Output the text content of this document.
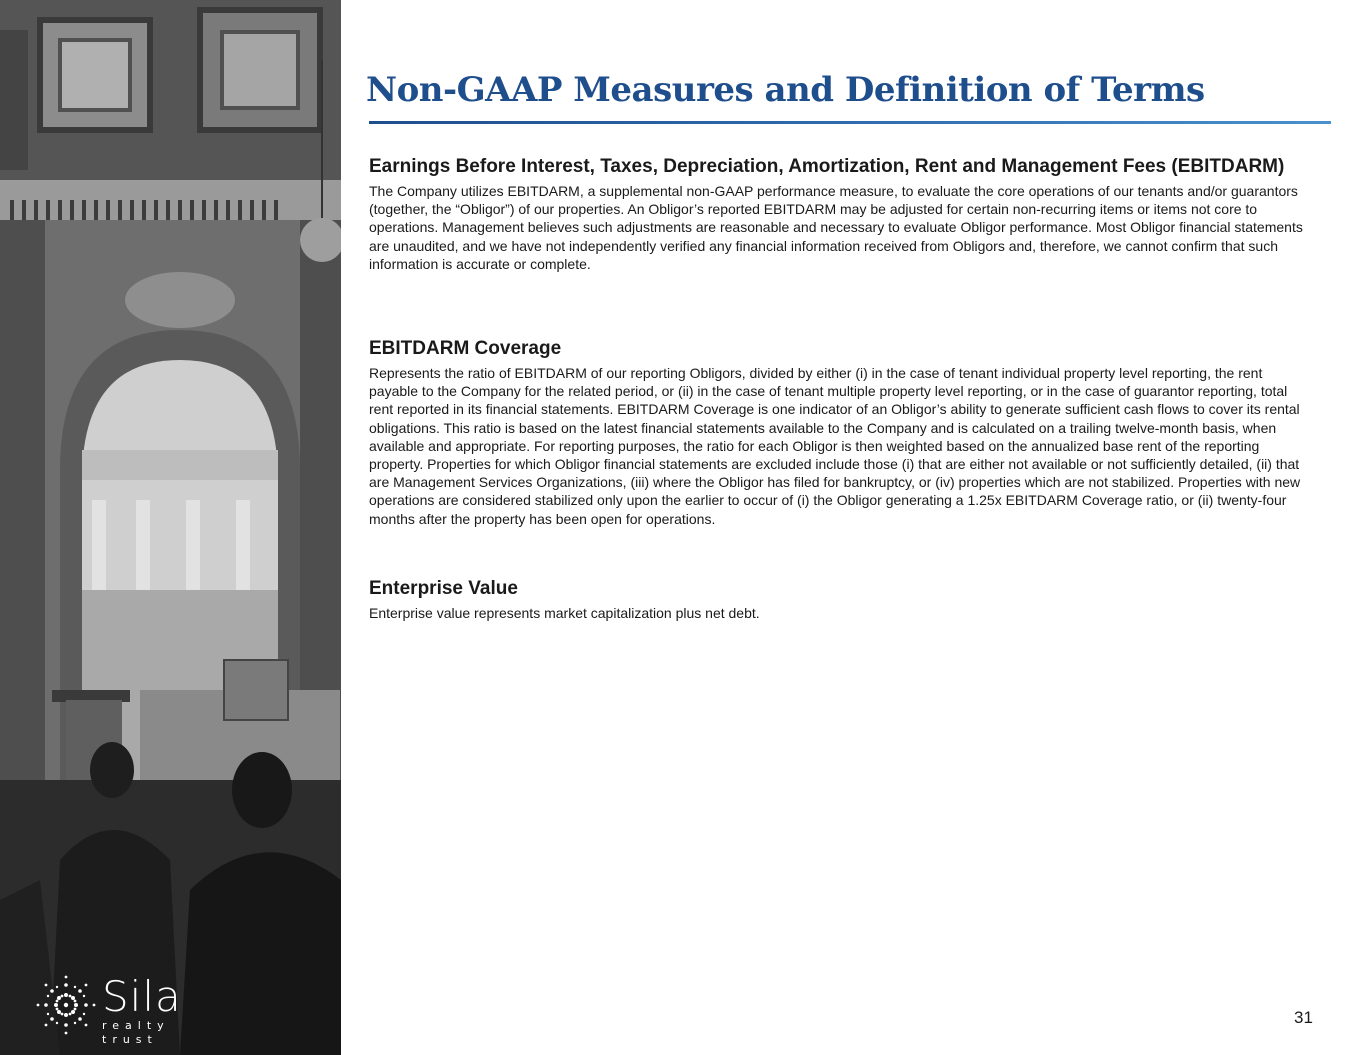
Sila
realty trust
Non-GAAP Measures and Definition of Terms
Earnings Before Interest, Taxes, Depreciation, Amortization, Rent and Management Fees (EBITDARM)

The Company utilizes EBITDARM, a supplemental non-GAAP performance measure, to evaluate the core operations of our tenants and/or guarantors (together, the “Obligor”) of our properties. An Obligor’s reported EBITDARM may be adjusted for certain non-recurring items or items not core to operations. Management believes such adjustments are reasonable and necessary to evaluate Obligor performance. Most Obligor financial statements are unaudited, and we have not independently verified any financial information received from Obligors and, therefore, we cannot confirm that such information is accurate or complete.

EBITDARM Coverage

Represents the ratio of EBITDARM of our reporting Obligors, divided by either (i) in the case of tenant individual property level reporting, the rent payable to the Company for the related period, or (ii) in the case of tenant multiple property level reporting, or in the case of guarantor reporting, total rent reported in its financial statements. EBITDARM Coverage is one indicator of an Obligor’s ability to generate sufficient cash flows to cover its rental obligations. This ratio is based on the latest financial statements available to the Company and is calculated on a trailing twelve-month basis, when available and appropriate. For reporting purposes, the ratio for each Obligor is then weighted based on the annualized base rent of the reporting property. Properties for which Obligor financial statements are excluded include those (i) that are either not available or not sufficiently detailed, (ii) that are Management Services Organizations, (iii) where the Obligor has filed for bankruptcy, or (iv) properties which are not stabilized. Properties with new operations are considered stabilized only upon the earlier to occur of (i) the Obligor generating a 1.25x EBITDARM Coverage ratio, or (ii) twenty-four months after the property has been open for operations.

Enterprise Value

Enterprise value represents market capitalization plus net debt.

31
